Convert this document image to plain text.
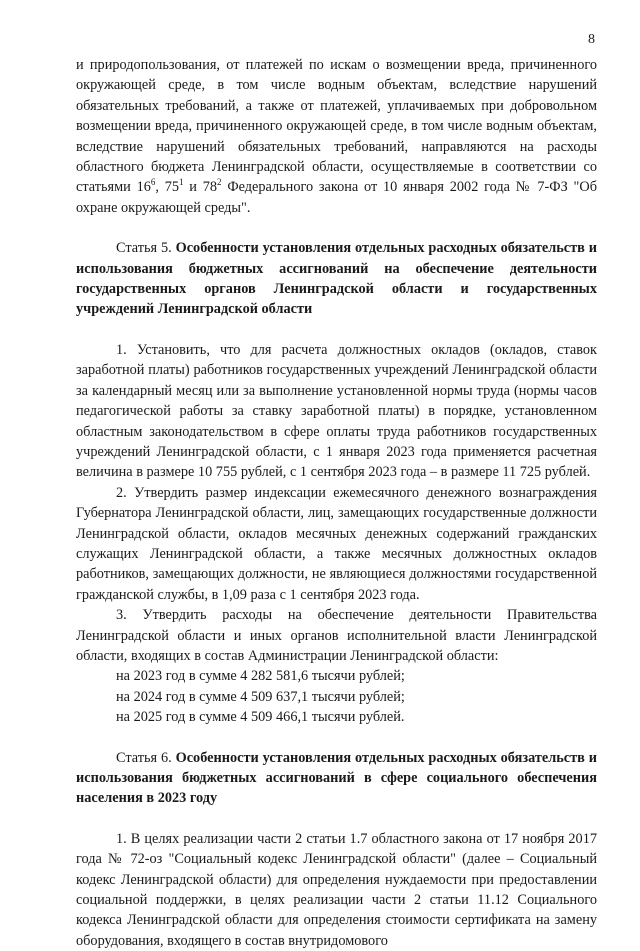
8

и природопользования, от платежей по искам о возмещении вреда, причиненного окружающей среде, в том числе водным объектам, вследствие нарушений обязательных требований, а также от платежей, уплачиваемых при добровольном возмещении вреда, причиненного окружающей среде, в том числе водным объектам, вследствие нарушений обязательных требований, направляются на расходы областного бюджета Ленинградской области, осуществляемые в соответствии со статьями $16^6$, $75^1$ и $78^2$ Федерального закона от 10 января 2002 года № 7-ФЗ "Об охране окружающей среды".

Статья 5. Особенности установления отдельных расходных обязательств и использования бюджетных ассигнований на обеспечение деятельности государственных органов Ленинградской области и государственных учреждений Ленинградской области

1. Установить, что для расчета должностных окладов (окладов, ставок заработной платы) работников государственных учреждений Ленинградской области за календарный месяц или за выполнение установленной нормы труда (нормы часов педагогической работы за ставку заработной платы) в порядке, установленном областным законодательством в сфере оплаты труда работников государственных учреждений Ленинградской области, с 1 января 2023 года применяется расчетная величина в размере 10 755 рублей, с 1 сентября 2023 года – в размере 11 725 рублей.

2. Утвердить размер индексации ежемесячного денежного вознаграждения Губернатора Ленинградской области, лиц, замещающих государственные должности Ленинградской области, окладов месячных денежных содержаний гражданских служащих Ленинградской области, а также месячных должностных окладов работников, замещающих должности, не являющиеся должностями государственной гражданской службы, в 1,09 раза с 1 сентября 2023 года.

3. Утвердить расходы на обеспечение деятельности Правительства Ленинградской области и иных органов исполнительной власти Ленинградской области, входящих в состав Администрации Ленинградской области:

на 2023 год в сумме 4 282 581,6 тысячи рублей;

на 2024 год в сумме 4 509 637,1 тысячи рублей;

на 2025 год в сумме 4 509 466,1 тысячи рублей.

Статья 6. Особенности установления отдельных расходных обязательств и использования бюджетных ассигнований в сфере социального обеспечения населения в 2023 году

1. В целях реализации части 2 статьи 1.7 областного закона от 17 ноября 2017 года № 72-оз "Социальный кодекс Ленинградской области" (далее – Социальный кодекс Ленинградской области) для определения нуждаемости при предоставлении социальной поддержки, в целях реализации части 2 статьи 11.12 Социального кодекса Ленинградской области для определения стоимости сертификата на замену оборудования, входящего в состав внутридомового
